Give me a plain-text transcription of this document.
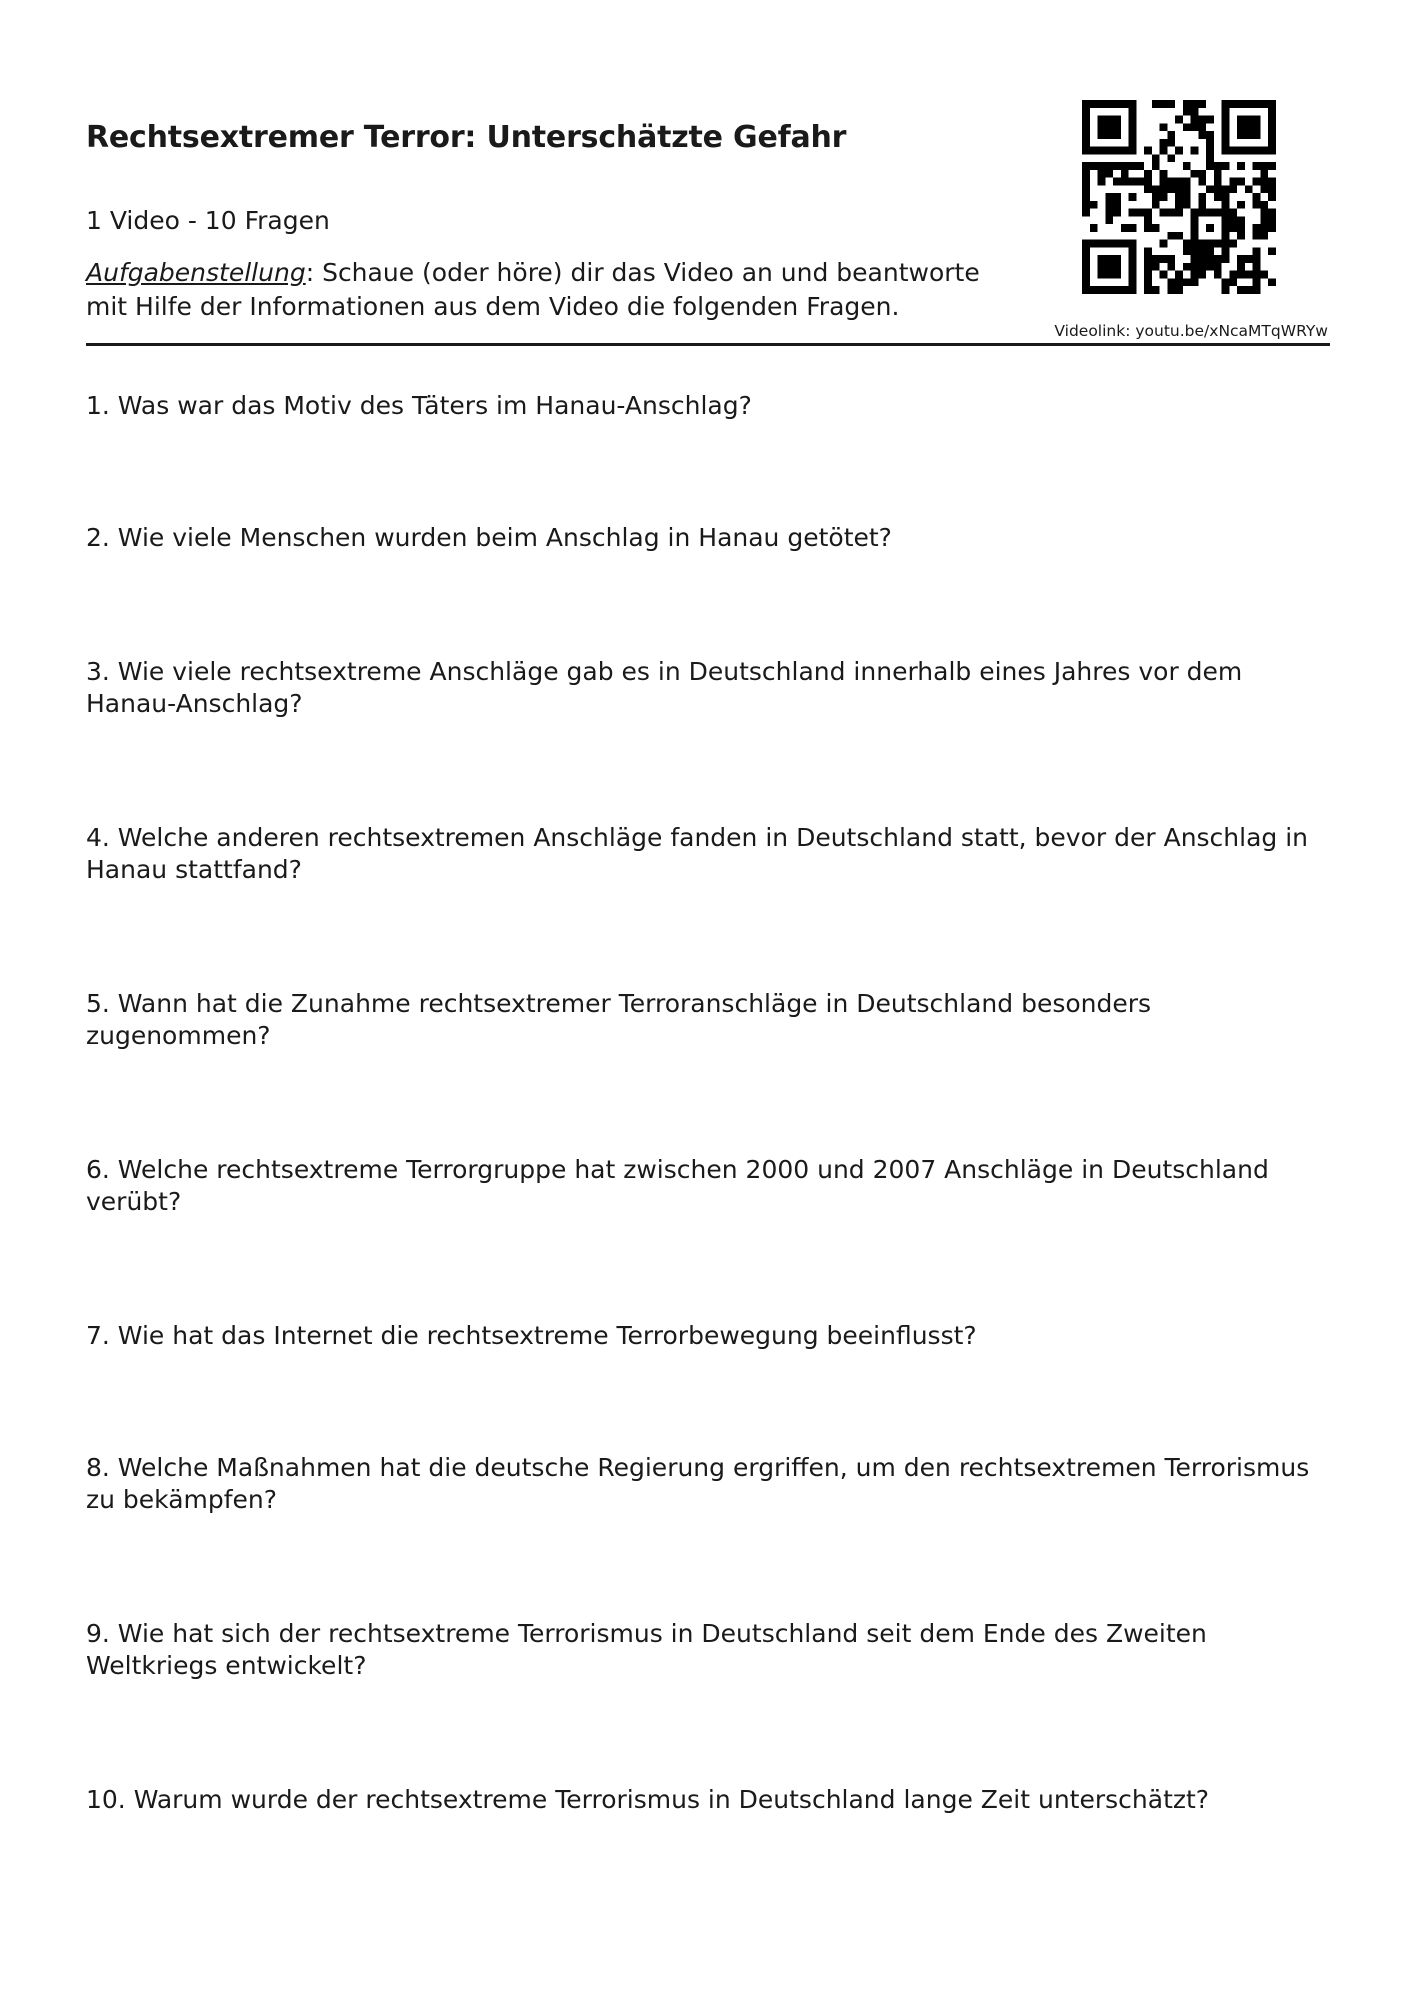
Rechtsextremer Terror: Unterschätzte Gefahr
1 Video - 10 Fragen
Aufgabenstellung: Schaue (oder höre) dir das Video an und beantworte mit Hilfe der Informationen aus dem Video die folgenden Fragen.
Videolink: youtu.be/xNcaMTqWRYw

1. Was war das Motiv des Täters im Hanau-Anschlag?

2. Wie viele Menschen wurden beim Anschlag in Hanau getötet?

3. Wie viele rechtsextreme Anschläge gab es in Deutschland innerhalb eines Jahres vor dem Hanau-Anschlag?

4. Welche anderen rechtsextremen Anschläge fanden in Deutschland statt, bevor der Anschlag in Hanau stattfand?

5. Wann hat die Zunahme rechtsextremer Terroranschläge in Deutschland besonders zugenommen?

6. Welche rechtsextreme Terrorgruppe hat zwischen 2000 und 2007 Anschläge in Deutschland verübt?

7. Wie hat das Internet die rechtsextreme Terrorbewegung beeinflusst?

8. Welche Maßnahmen hat die deutsche Regierung ergriffen, um den rechtsextremen Terrorismus zu bekämpfen?

9. Wie hat sich der rechtsextreme Terrorismus in Deutschland seit dem Ende des Zweiten Weltkriegs entwickelt?

10. Warum wurde der rechtsextreme Terrorismus in Deutschland lange Zeit unterschätzt?
